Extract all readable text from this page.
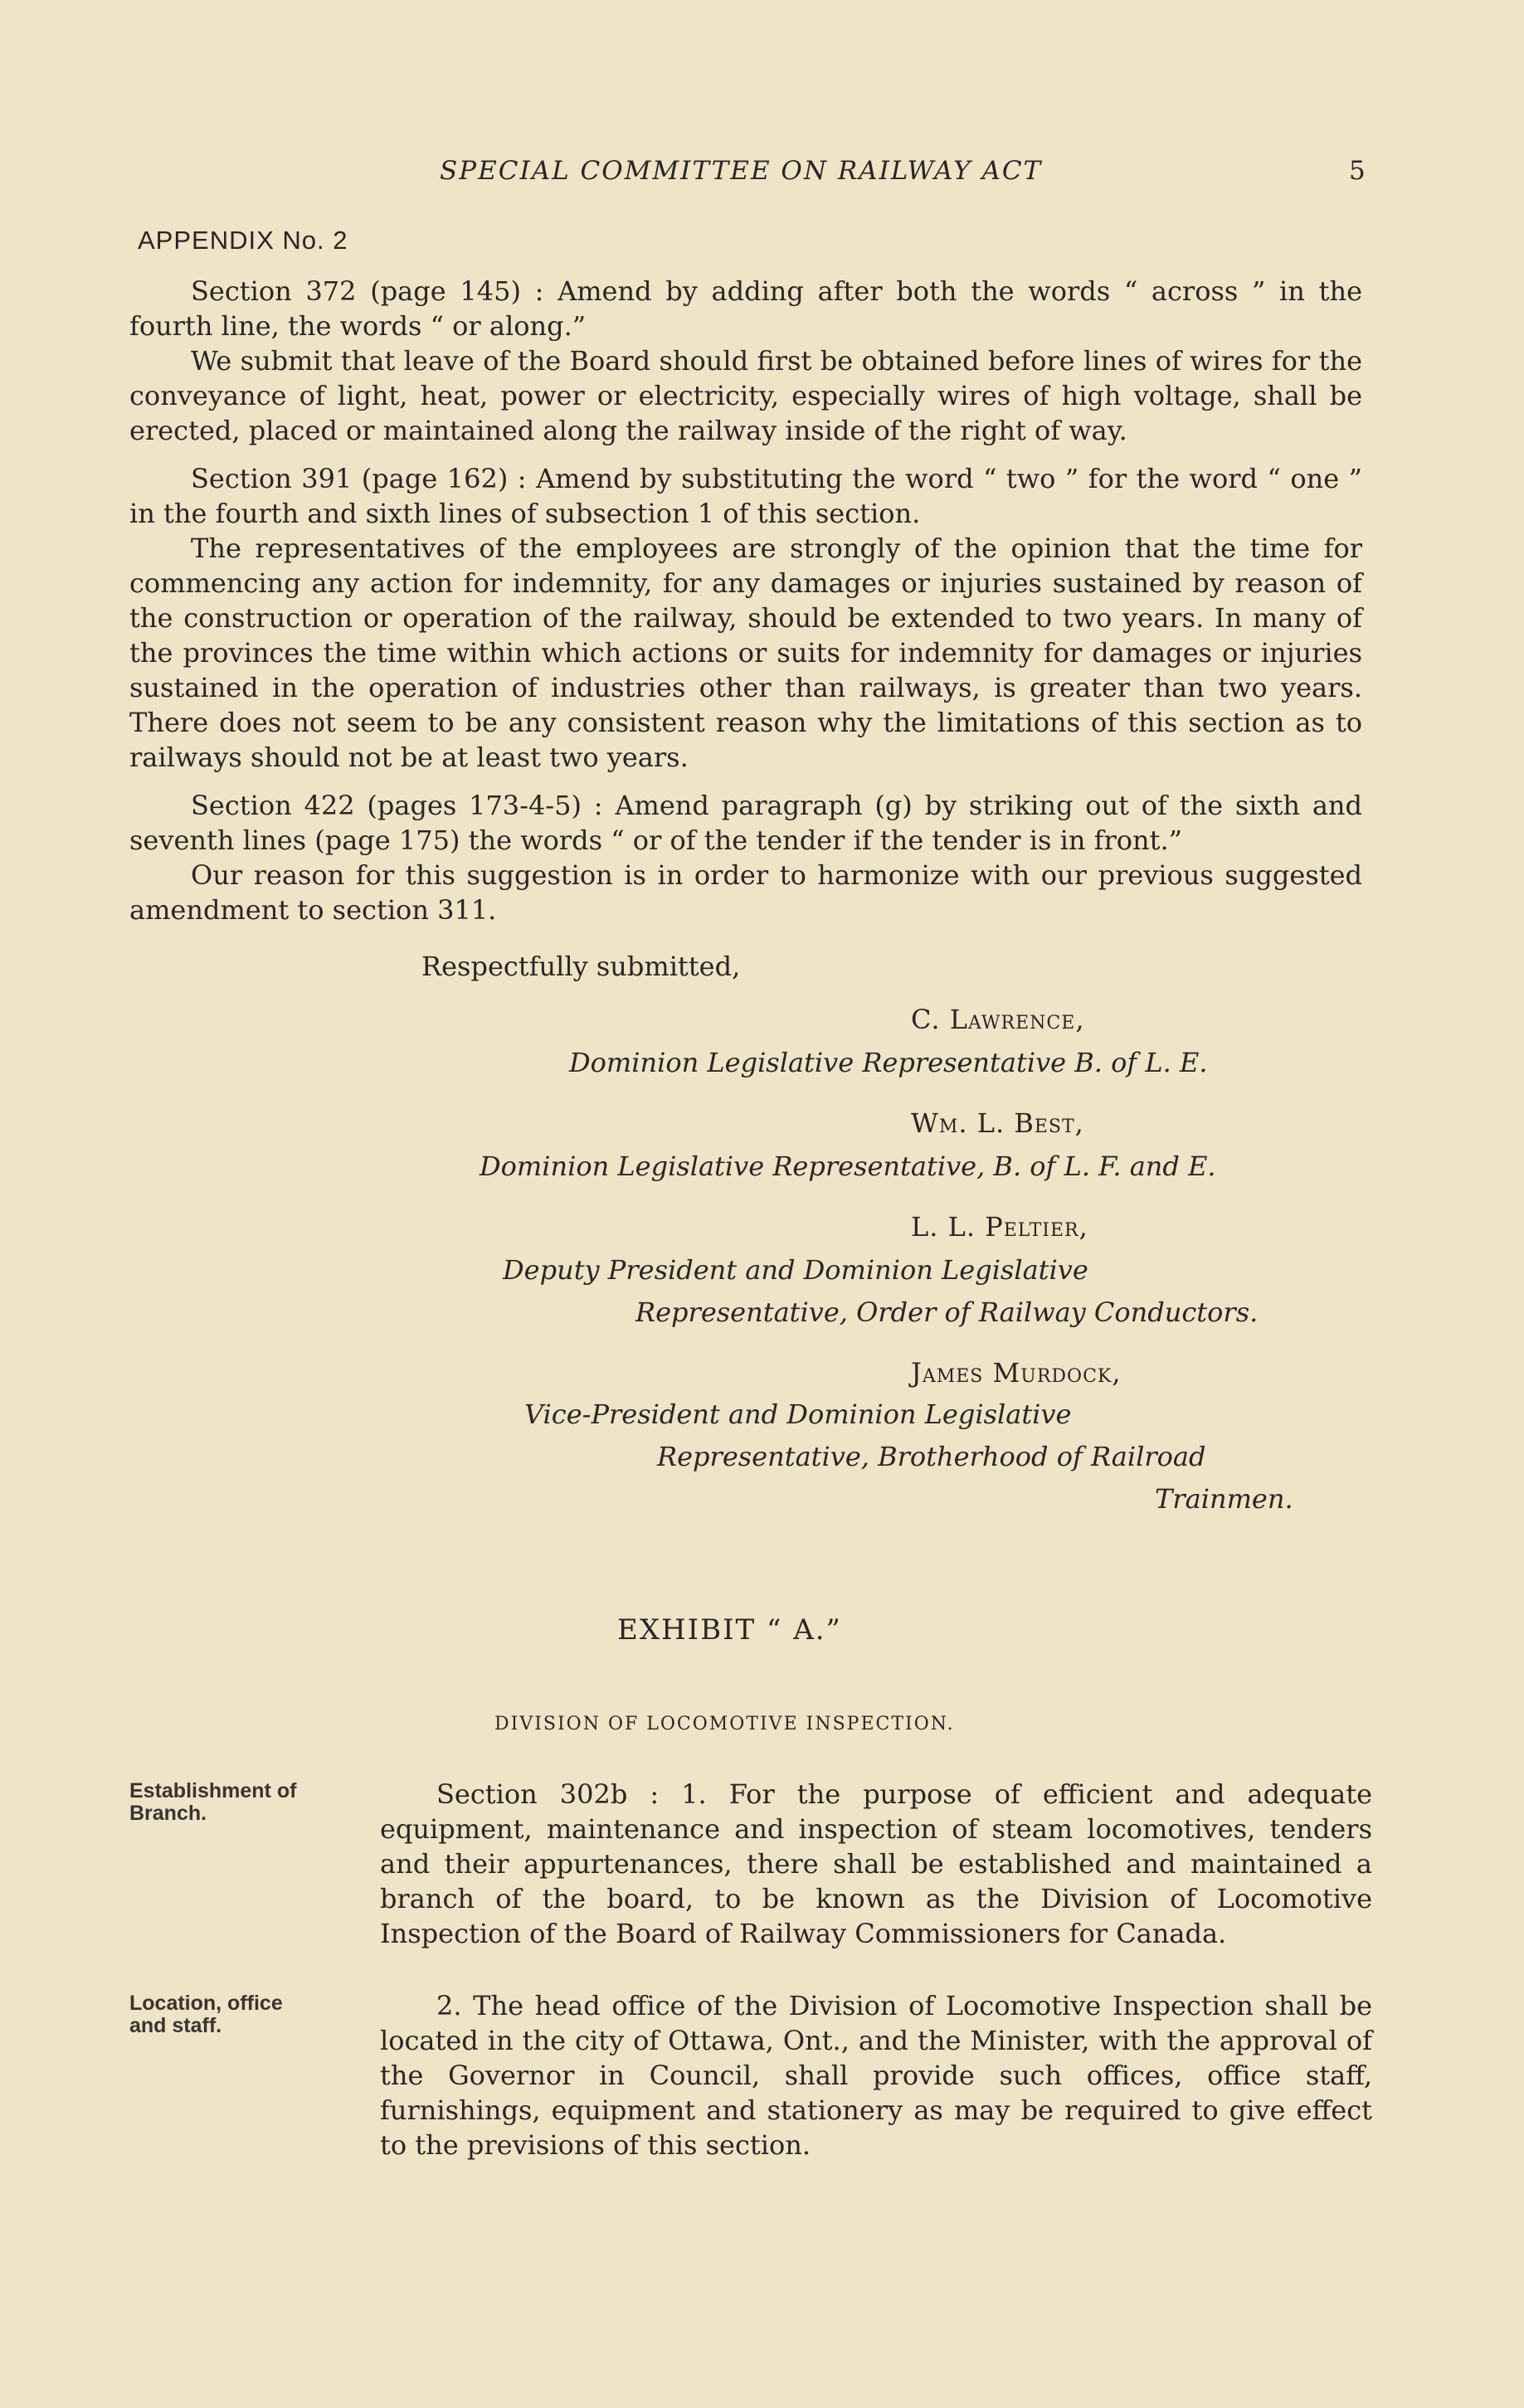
SPECIAL COMMITTEE ON RAILWAY ACT	5
APPENDIX No. 2

Section 372 (page 145) : Amend by adding after both the words “ across ” in the fourth line, the words “ or along.”

We submit that leave of the Board should first be obtained before lines of wires for the conveyance of light, heat, power or electricity, especially wires of high voltage, shall be erected, placed or maintained along the railway inside of the right of way.

Section 391 (page 162) : Amend by substituting the word “ two ” for the word “ one ” in the fourth and sixth lines of subsection 1 of this section.

The representatives of the employees are strongly of the opinion that the time for commencing any action for indemnity, for any damages or injuries sustained by reason of the construction or operation of the railway, should be extended to two years. In many of the provinces the time within which actions or suits for indemnity for damages or injuries sustained in the operation of industries other than railways, is greater than two years. There does not seem to be any consistent reason why the limitations of this section as to railways should not be at least two years.

Section 422 (pages 173-4-5) : Amend paragraph (g) by striking out of the sixth and seventh lines (page 175) the words “ or of the tender if the tender is in front.”

Our reason for this suggestion is in order to harmonize with our previous suggested amendment to section 311.

Respectfully submitted,
C. Lawrence,
Dominion Legislative Representative B. of L. E.
Wm. L. Best,
Dominion Legislative Representative, B. of L. F. and E.
L. L. Peltier,
Deputy President and Dominion Legislative
Representative, Order of Railway Conductors.
James Murdock,
Vice-President and Dominion Legislative
Representative, Brotherhood of Railroad
Trainmen.
EXHIBIT “ A.”
DIVISION OF LOCOMOTIVE INSPECTION.
Establishment of Branch.

Section 302b : 1. For the purpose of efficient and adequate equipment, maintenance and inspection of steam locomotives, tenders and their appurtenances, there shall be established and maintained a branch of the board, to be known as the Division of Locomotive Inspection of the Board of Railway Commissioners for Canada.

Location, office and staff.

2. The head office of the Division of Locomotive Inspection shall be located in the city of Ottawa, Ont., and the Minister, with the approval of the Governor in Council, shall provide such offices, office staff, furnishings, equipment and stationery as may be required to give effect to the previsions of this section.
